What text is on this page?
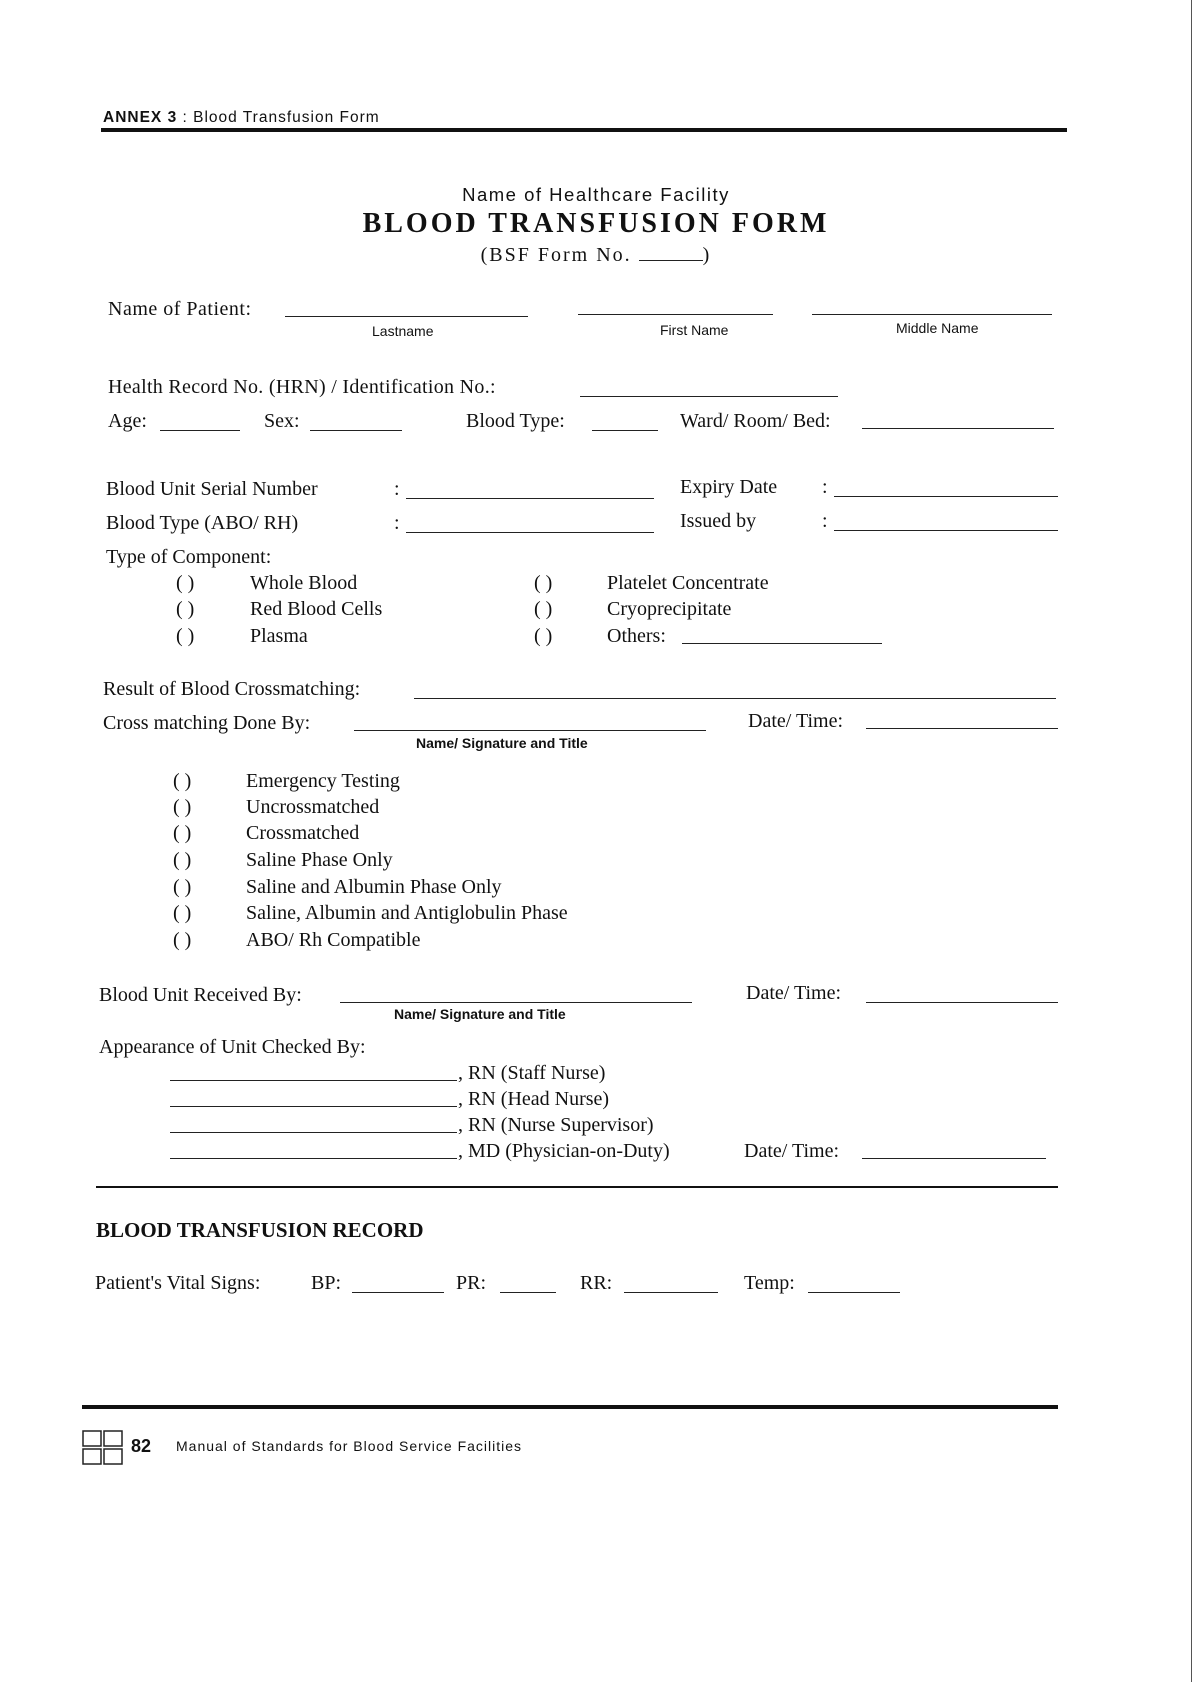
ANNEX 3 : Blood Transfusion Form
Name of Healthcare Facility
BLOOD TRANSFUSION FORM
(BSF Form No.	)
Name of Patient:
Lastname	First Name	Middle Name
Health Record No. (HRN) / Identification No.:
Age:	Sex:	Blood Type:	Ward/ Room/ Bed:
Blood Unit Serial Number	:	Expiry Date :
Blood Type (ABO/ RH)	:	Issued by	:
Type of Component:
( )	Whole Blood
( )	Red Blood Cells
( )	Plasma
( )	Platelet Concentrate
( )	Cryoprecipitate
( )	Others:
Result of Blood Crossmatching:
Cross matching Done By:
Name/ Signature and Title
Date/ Time:
( )	Emergency Testing
( )	Uncrossmatched
( )	Crossmatched
( )	Saline Phase Only
( )	Saline and Albumin Phase Only
( )	Saline, Albumin and Antiglobulin Phase
( )	ABO/ Rh Compatible
Blood Unit Received By:
Name/ Signature and Title
Date/ Time:
Appearance of Unit Checked By:
, RN (Staff Nurse)
, RN (Head Nurse)
, RN (Nurse Supervisor)
, MD (Physician-on-Duty)	Date/ Time:
BLOOD TRANSFUSION RECORD
Patient's Vital Signs:	BP:	PR:	RR:	Temp:
82 Manual of Standards for Blood Service Facilities
